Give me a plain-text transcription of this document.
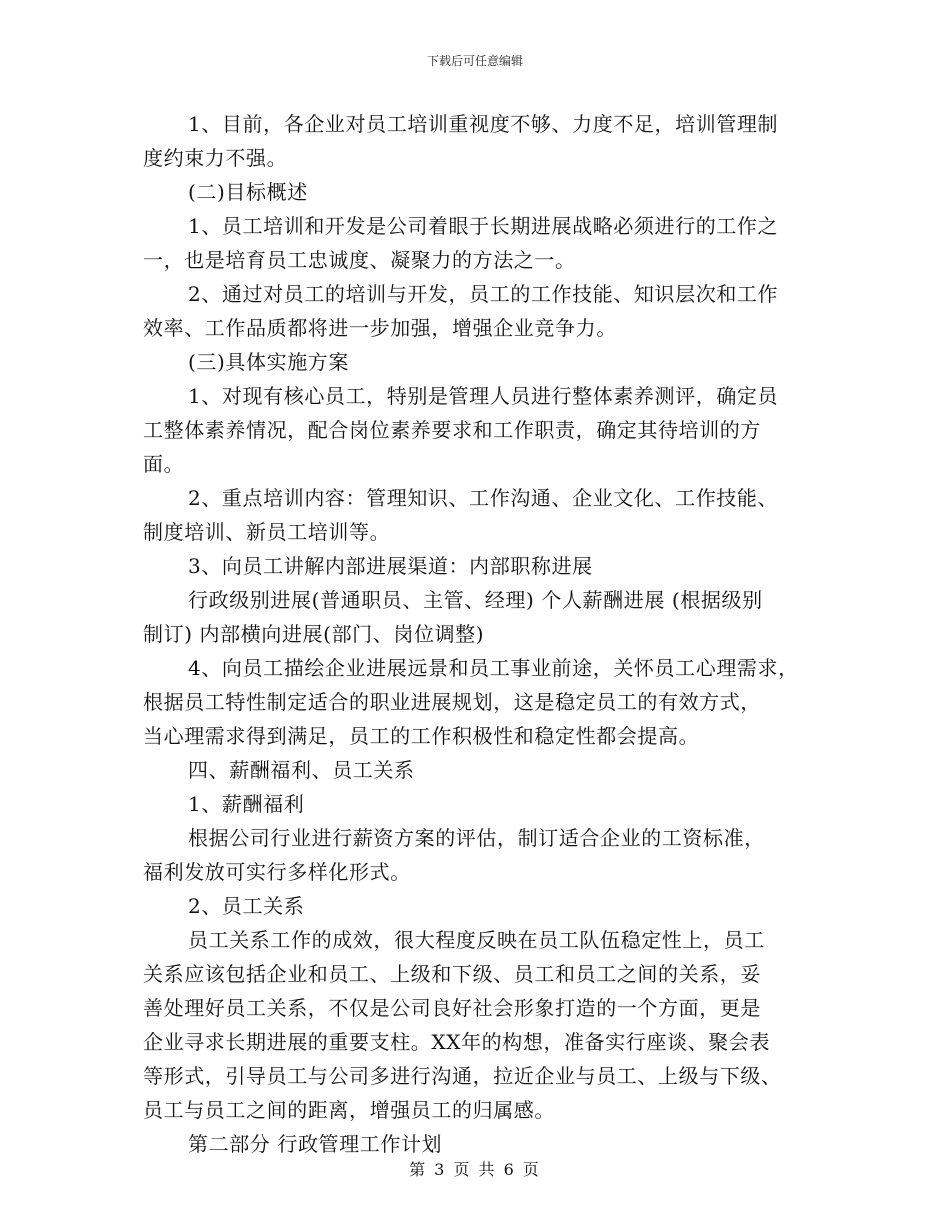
下载后可任意编辑
1、目前，各企业对员工培训重视度不够、力度不足，培训管理制
度约束力不强。
(二)目标概述
1、员工培训和开发是公司着眼于长期进展战略必须进行的工作之
一，也是培育员工忠诚度、凝聚力的方法之一。
2、通过对员工的培训与开发，员工的工作技能、知识层次和工作
效率、工作品质都将进一步加强，增强企业竞争力。
(三)具体实施方案
1、对现有核心员工，特别是管理人员进行整体素养测评，确定员
工整体素养情况，配合岗位素养要求和工作职责，确定其待培训的方
面。
2、重点培训内容：管理知识、工作沟通、企业文化、工作技能、
制度培训、新员工培训等。
3、向员工讲解内部进展渠道：内部职称进展
行政级别进展(普通职员、主管、经理) 个人薪酬进展 (根据级别
制订) 内部横向进展(部门、岗位调整)
4、向员工描绘企业进展远景和员工事业前途，关怀员工心理需求，
根据员工特性制定适合的职业进展规划，这是稳定员工的有效方式，
当心理需求得到满足，员工的工作积极性和稳定性都会提高。
四、薪酬福利、员工关系
1、薪酬福利
根据公司行业进行薪资方案的评估，制订适合企业的工资标准，
福利发放可实行多样化形式。
2、员工关系
员工关系工作的成效，很大程度反映在员工队伍稳定性上，员工
关系应该包括企业和员工、上级和下级、员工和员工之间的关系，妥
善处理好员工关系，不仅是公司良好社会形象打造的一个方面，更是
企业寻求长期进展的重要支柱。XX年的构想，准备实行座谈、聚会表
等形式，引导员工与公司多进行沟通，拉近企业与员工、上级与下级、
员工与员工之间的距离，增强员工的归属感。
第二部分 行政管理工作计划
第 3 页 共 6 页
